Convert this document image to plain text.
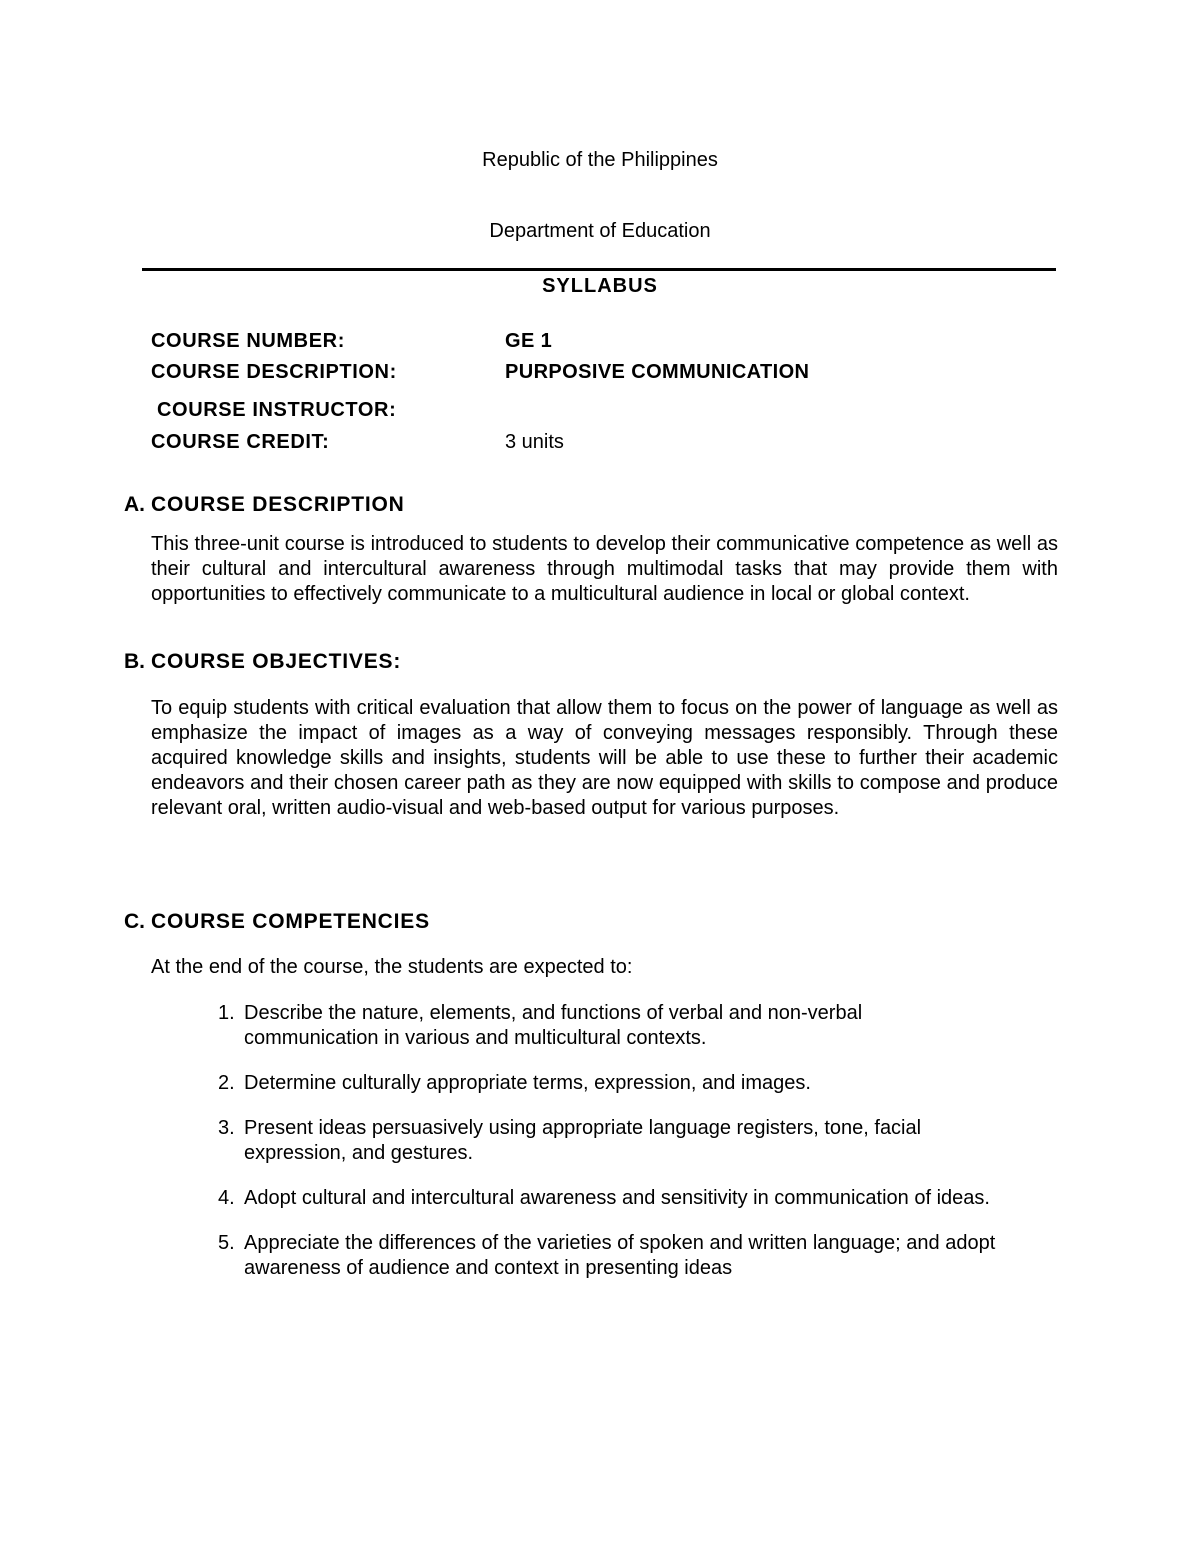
Republic of the Philippines
Department of Education
SYLLABUS
COURSE NUMBER:	GE 1
COURSE DESCRIPTION:	PURPOSIVE COMMUNICATION
COURSE INSTRUCTOR:
COURSE CREDIT:	3 units
A. COURSE DESCRIPTION
This three-unit course is introduced to students to develop their communicative competence as well as their cultural and intercultural awareness through multimodal tasks that may provide them with opportunities to effectively communicate to a multicultural audience in local or global context.
B. COURSE OBJECTIVES:
To equip students with critical evaluation that allow them to focus on the power of language as well as emphasize the impact of images as a way of conveying messages responsibly. Through these acquired knowledge skills and insights, students will be able to use these to further their academic endeavors and their chosen career path as they are now equipped with skills to compose and produce relevant oral, written audio-visual and web-based output for various purposes.
C. COURSE COMPETENCIES
At the end of the course, the students are expected to:
1. Describe the nature, elements, and functions of verbal and non-verbal communication in various and multicultural contexts.
2. Determine culturally appropriate terms, expression, and images.
3. Present ideas persuasively using appropriate language registers, tone, facial expression, and gestures.
4. Adopt cultural and intercultural awareness and sensitivity in communication of ideas.
5. Appreciate the differences of the varieties of spoken and written language; and adopt awareness of audience and context in presenting ideas
